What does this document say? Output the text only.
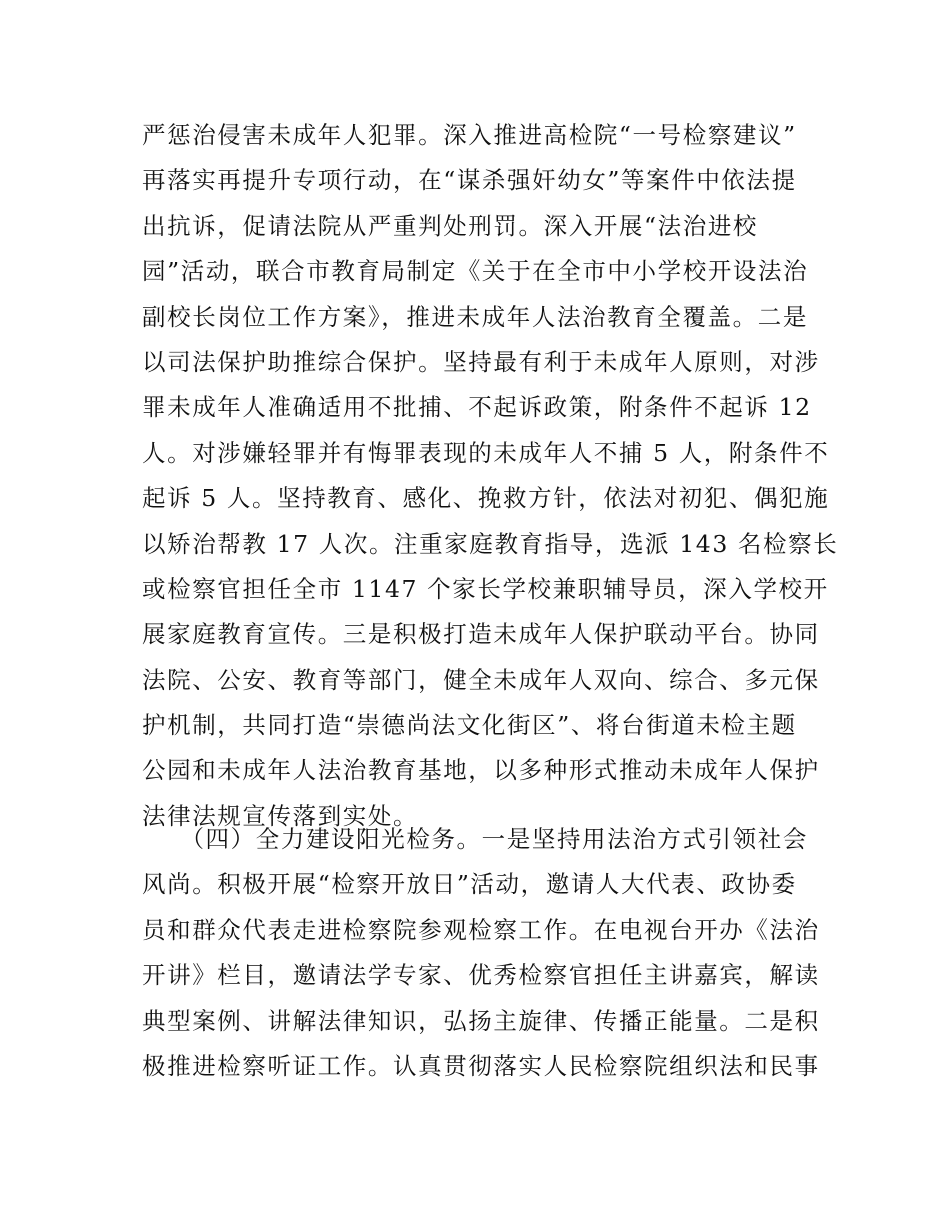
严惩治侵害未成年人犯罪。深入推进高检院“一号检察建议”
再落实再提升专项行动，在“谋杀强奸幼女”等案件中依法提
出抗诉，促请法院从严重判处刑罚。深入开展“法治进校
园”活动，联合市教育局制定《关于在全市中小学校开设法治
副校长岗位工作方案》，推进未成年人法治教育全覆盖。二是
以司法保护助推综合保护。坚持最有利于未成年人原则，对涉
罪未成年人准确适用不批捕、不起诉政策，附条件不起诉 12
人。对涉嫌轻罪并有悔罪表现的未成年人不捕 5 人，附条件不
起诉 5 人。坚持教育、感化、挽救方针，依法对初犯、偶犯施
以矫治帮教 17 人次。注重家庭教育指导，选派 143 名检察长
或检察官担任全市 1147 个家长学校兼职辅导员，深入学校开
展家庭教育宣传。三是积极打造未成年人保护联动平台。协同
法院、公安、教育等部门，健全未成年人双向、综合、多元保
护机制，共同打造“崇德尚法文化街区”、将台街道未检主题
公园和未成年人法治教育基地，以多种形式推动未成年人保护
法律法规宣传落到实处。
　　（四）全力建设阳光检务。一是坚持用法治方式引领社会
风尚。积极开展“检察开放日”活动，邀请人大代表、政协委
员和群众代表走进检察院参观检察工作。在电视台开办《法治
开讲》栏目，邀请法学专家、优秀检察官担任主讲嘉宾，解读
典型案例、讲解法律知识，弘扬主旋律、传播正能量。二是积
极推进检察听证工作。认真贯彻落实人民检察院组织法和民事
